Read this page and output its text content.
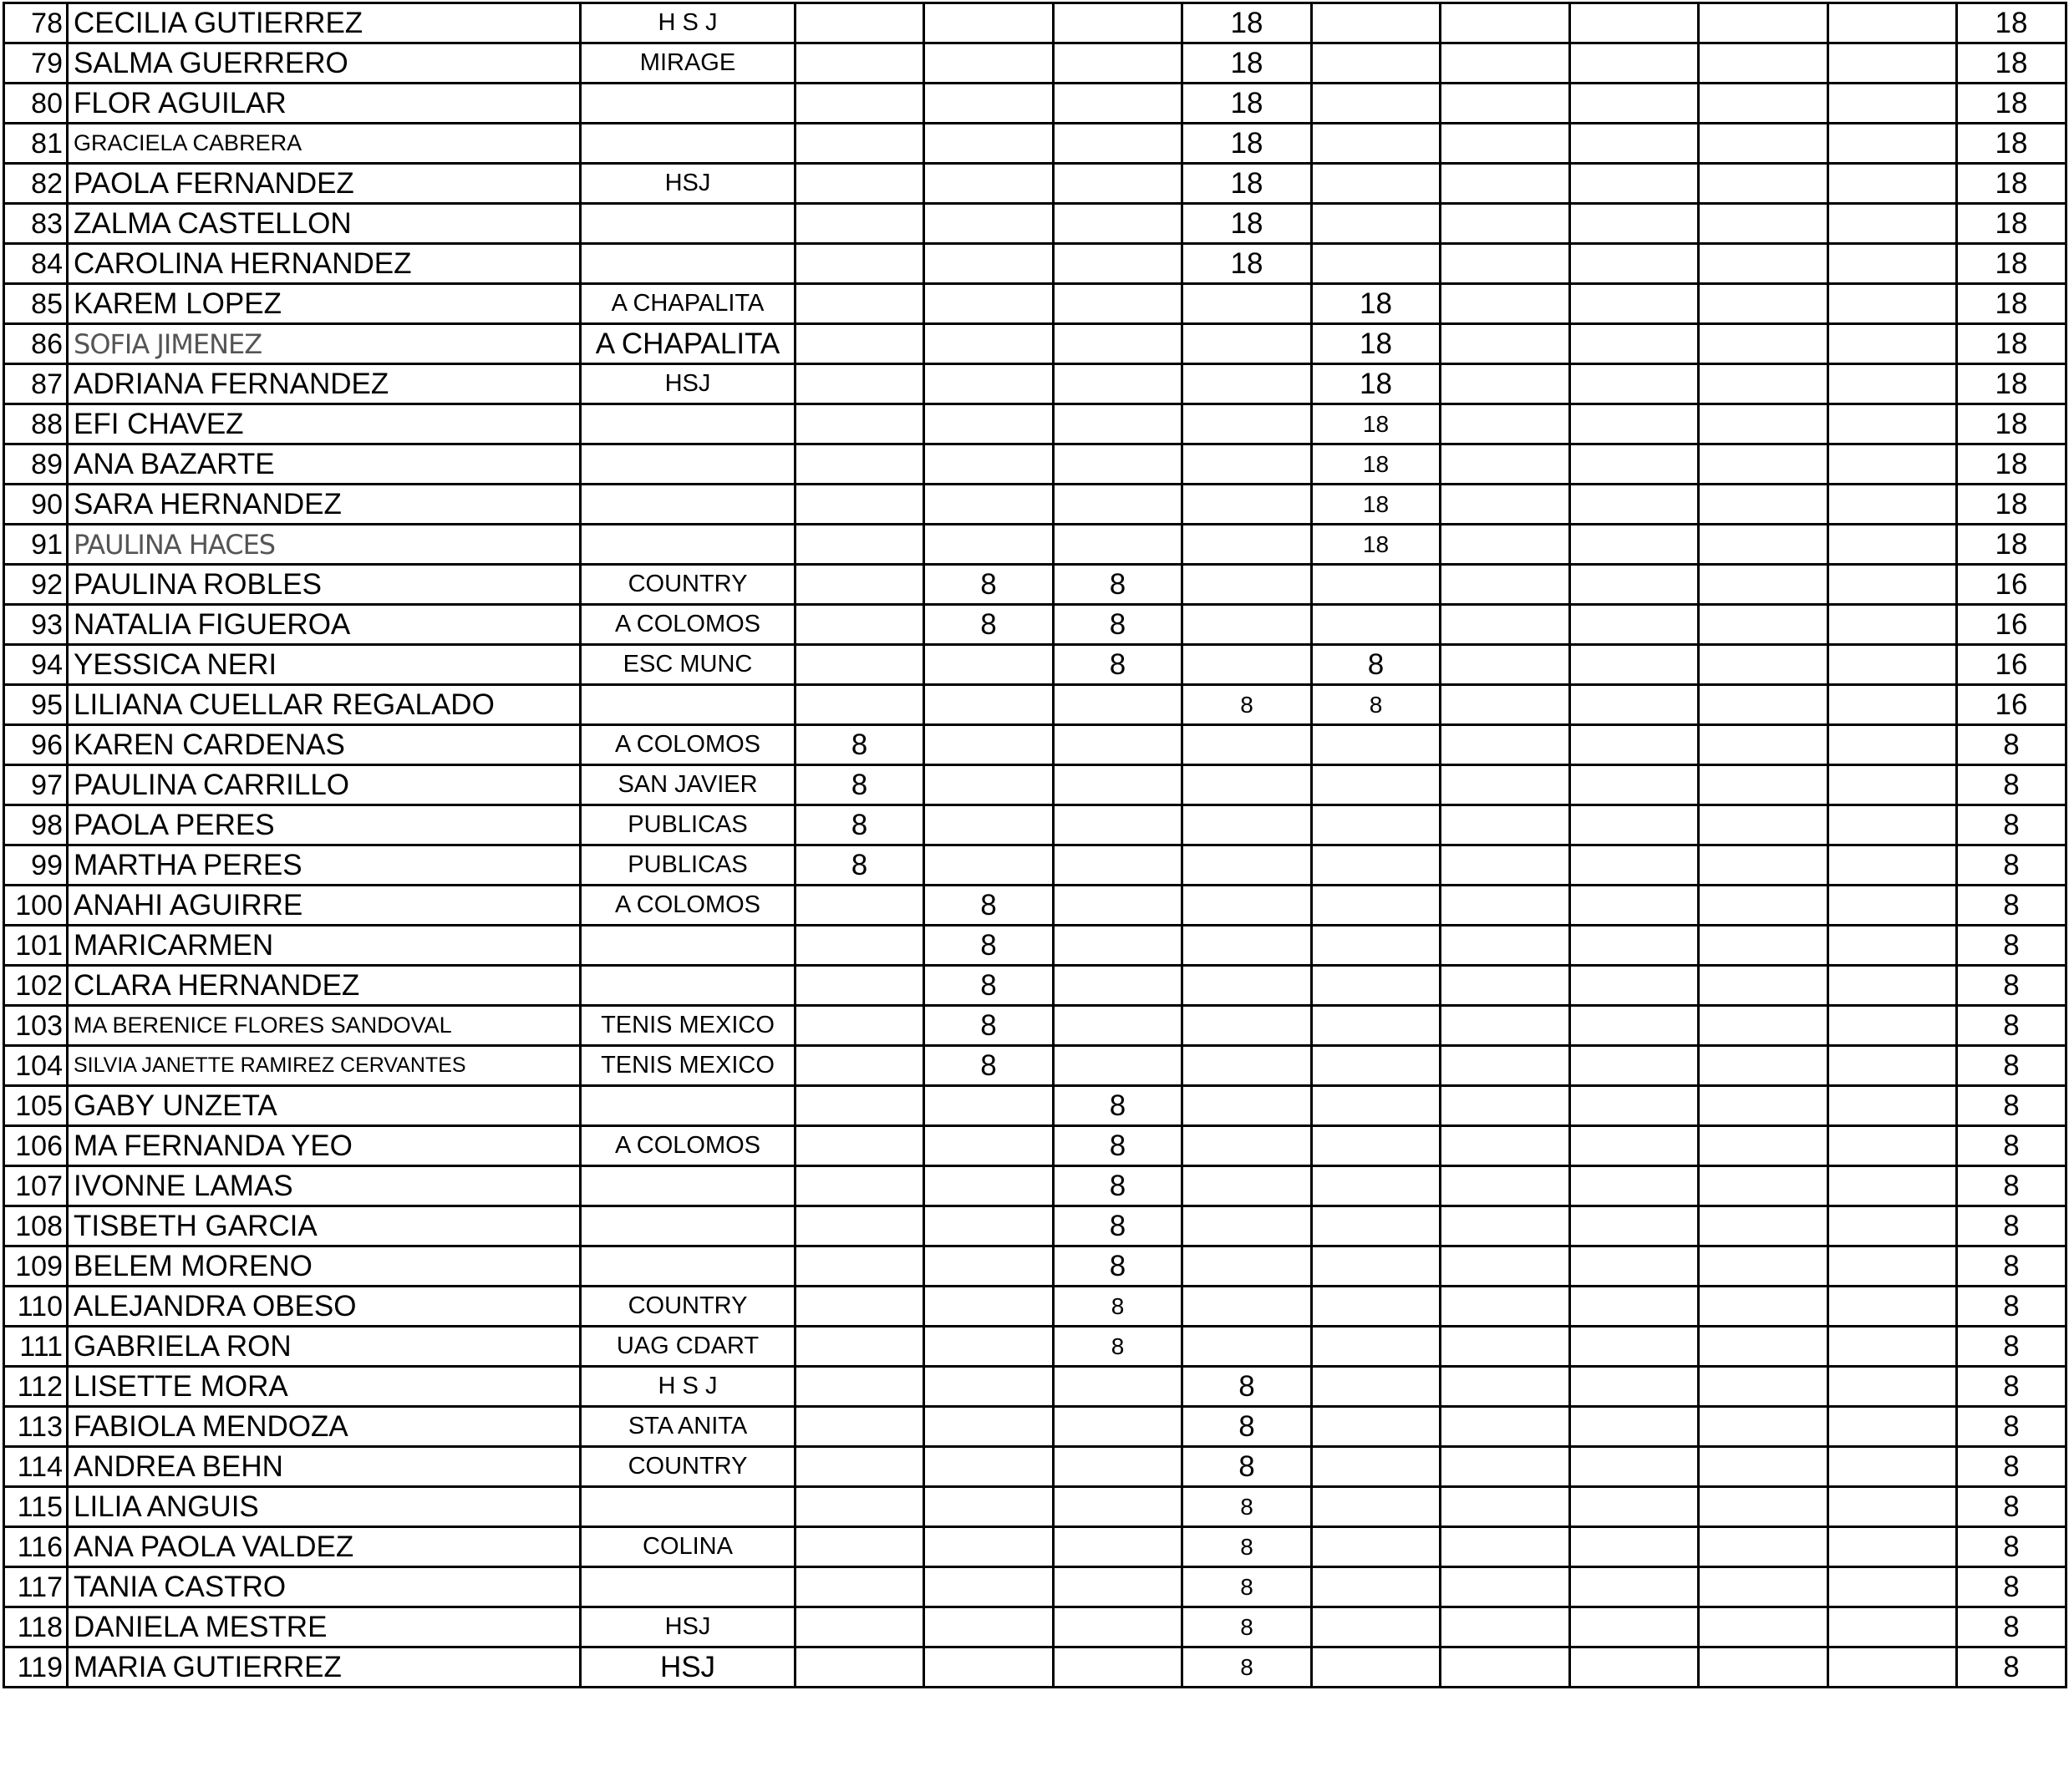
78	CECILIA GUTIERREZ	H S J				18						18
79	SALMA GUERRERO	MIRAGE				18						18
80	FLOR AGUILAR					18						18
81	GRACIELA CABRERA					18						18
82	PAOLA FERNANDEZ	HSJ				18						18
83	ZALMA CASTELLON					18						18
84	CAROLINA HERNANDEZ					18						18
85	KAREM LOPEZ	A CHAPALITA					18					18
86	SOFIA JIMENEZ	A CHAPALITA					18					18
87	ADRIANA FERNANDEZ	HSJ					18					18
88	EFI CHAVEZ						18					18
89	ANA BAZARTE						18					18
90	SARA HERNANDEZ						18					18
91	PAULINA HACES						18					18
92	PAULINA ROBLES	COUNTRY		8	8							16
93	NATALIA FIGUEROA	A COLOMOS		8	8							16
94	YESSICA NERI	ESC MUNC			8		8					16
95	LILIANA CUELLAR REGALADO					8	8					16
96	KAREN CARDENAS	A COLOMOS	8									8
97	PAULINA CARRILLO	SAN JAVIER	8									8
98	PAOLA PERES	PUBLICAS	8									8
99	MARTHA PERES	PUBLICAS	8									8
100	ANAHI AGUIRRE	A COLOMOS		8								8
101	MARICARMEN			8								8
102	CLARA HERNANDEZ			8								8
103	MA BERENICE FLORES SANDOVAL	TENIS MEXICO		8								8
104	SILVIA JANETTE RAMIREZ CERVANTES	TENIS MEXICO		8								8
105	GABY UNZETA				8							8
106	MA FERNANDA YEO	A COLOMOS			8							8
107	IVONNE LAMAS				8							8
108	TISBETH GARCIA				8							8
109	BELEM MORENO				8							8
110	ALEJANDRA OBESO	COUNTRY			8							8
111	GABRIELA RON	UAG CDART			8							8
112	LISETTE MORA	H S J				8						8
113	FABIOLA MENDOZA	STA ANITA				8						8
114	ANDREA BEHN	COUNTRY				8						8
115	LILIA ANGUIS					8						8
116	ANA PAOLA VALDEZ	COLINA				8						8
117	TANIA CASTRO					8						8
118	DANIELA MESTRE	HSJ				8						8
119	MARIA GUTIERREZ	HSJ				8						8
